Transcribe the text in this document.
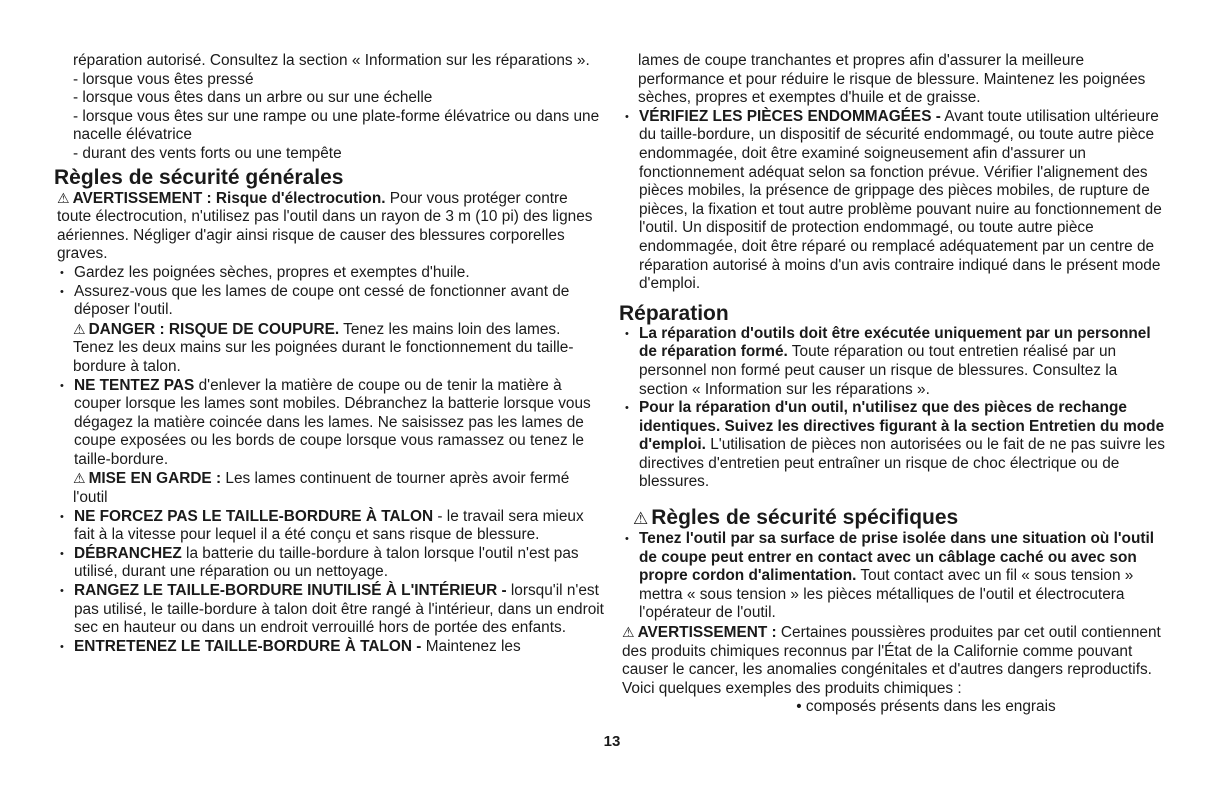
réparation autorisé. Consultez la section « Information sur les réparations ».

- lorsque vous êtes pressé

- lorsque vous êtes dans un arbre ou sur une échelle

- lorsque vous êtes sur une rampe ou une plate-forme élévatrice ou dans une nacelle élévatrice

- durant des vents forts ou une tempête

Règles de sécurité générales

⚠ AVERTISSEMENT : Risque d'électrocution. Pour vous protéger contre toute électrocution, n'utilisez pas l'outil dans un rayon de 3 m (10 pi) des lignes aériennes. Négliger d'agir ainsi risque de causer des blessures corporelles graves.

• Gardez les poignées sèches, propres et exemptes d'huile.

• Assurez-vous que les lames de coupe ont cessé de fonctionner avant de déposer l'outil.

⚠ DANGER : RISQUE DE COUPURE. Tenez les mains loin des lames. Tenez les deux mains sur les poignées durant le fonctionnement du taille-bordure à talon.

• NE TENTEZ PAS d'enlever la matière de coupe ou de tenir la matière à couper lorsque les lames sont mobiles. Débranchez la batterie lorsque vous dégagez la matière coincée dans les lames. Ne saisissez pas les lames de coupe exposées ou les bords de coupe lorsque vous ramassez ou tenez le taille-bordure.

⚠ MISE EN GARDE : Les lames continuent de tourner après avoir fermé l'outil

• NE FORCEZ PAS LE TAILLE-BORDURE À TALON - le travail sera mieux fait à la vitesse pour lequel il a été conçu et sans risque de blessure.

• DÉBRANCHEZ la batterie du taille-bordure à talon lorsque l'outil n'est pas utilisé, durant une réparation ou un nettoyage.

• RANGEZ LE TAILLE-BORDURE INUTILISÉ À L'INTÉRIEUR - lorsqu'il n'est pas utilisé, le taille-bordure à talon doit être rangé à l'intérieur, dans un endroit sec en hauteur ou dans un endroit verrouillé hors de portée des enfants.

• ENTRETENEZ LE TAILLE-BORDURE À TALON - Maintenez les

lames de coupe tranchantes et propres afin d'assurer la meilleure performance et pour réduire le risque de blessure. Maintenez les poignées sèches, propres et exemptes d'huile et de graisse.

• VÉRIFIEZ LES PIÈCES ENDOMMAGÉES - Avant toute utilisation ultérieure du taille-bordure, un dispositif de sécurité endommagé, ou toute autre pièce endommagée, doit être examiné soigneusement afin d'assurer un fonctionnement adéquat selon sa fonction prévue. Vérifier l'alignement des pièces mobiles, la présence de grippage des pièces mobiles, de rupture de pièces, la fixation et tout autre problème pouvant nuire au fonctionnement de l'outil. Un dispositif de protection endommagé, ou toute autre pièce endommagée, doit être réparé ou remplacé adéquatement par un centre de réparation autorisé à moins d'un avis contraire indiqué dans le présent mode d'emploi.

Réparation

• La réparation d'outils doit être exécutée uniquement par un personnel de réparation formé. Toute réparation ou tout entretien réalisé par un personnel non formé peut causer un risque de blessures. Consultez la section « Information sur les réparations ».

• Pour la réparation d'un outil, n'utilisez que des pièces de rechange identiques. Suivez les directives figurant à la section Entretien du mode d'emploi. L'utilisation de pièces non autorisées ou le fait de ne pas suivre les directives d'entretien peut entraîner un risque de choc électrique ou de blessures.

⚠ Règles de sécurité spécifiques

• Tenez l'outil par sa surface de prise isolée dans une situation où l'outil de coupe peut entrer en contact avec un câblage caché ou avec son propre cordon d'alimentation. Tout contact avec un fil « sous tension » mettra « sous tension » les pièces métalliques de l'outil et électrocutera l'opérateur de l'outil.

⚠ AVERTISSEMENT : Certaines poussières produites par cet outil contiennent des produits chimiques reconnus par l'État de la Californie comme pouvant causer le cancer, les anomalies congénitales et d'autres dangers reproductifs. Voici quelques exemples des produits chimiques :

• composés présents dans les engrais

13
